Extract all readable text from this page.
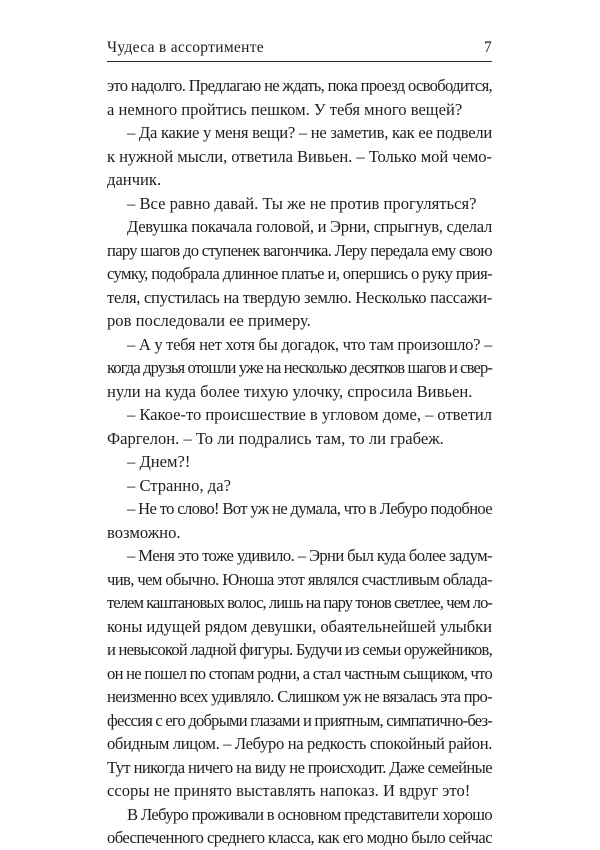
Чудеса в ассортименте	7
это надолго. Предлагаю не ждать, пока проезд освободится,
а немного пройтись пешком. У тебя много вещей?
– Да какие у меня вещи? – не заметив, как ее подвели
к нужной мысли, ответила Вивьен. – Только мой чемо-
данчик.
– Все равно давай. Ты же не против прогуляться?
Девушка покачала головой, и Эрни, спрыгнув, сделал
пару шагов до ступенек вагончика. Леру передала ему свою
сумку, подобрала длинное платье и, опершись о руку прия-
теля, спустилась на твердую землю. Несколько пассажи-
ров последовали ее примеру.
– А у тебя нет хотя бы догадок, что там произошло? –
когда друзья отошли уже на несколько десятков шагов и свер-
нули на куда более тихую улочку, спросила Вивьен.
– Какое-то происшествие в угловом доме, – ответил
Фаргелон. – То ли подрались там, то ли грабеж.
– Днем?!
– Странно, да?
– Не то слово! Вот уж не думала, что в Лебуро подобное
возможно.
– Меня это тоже удивило. – Эрни был куда более задум-
чив, чем обычно. Юноша этот являлся счастливым облада-
телем каштановых волос, лишь на пару тонов светлее, чем ло-
коны идущей рядом девушки, обаятельнейшей улыбки
и невысокой ладной фигуры. Будучи из семьи оружейников,
он не пошел по стопам родни, а стал частным сыщиком, что
неизменно всех удивляло. Слишком уж не вязалась эта про-
фессия с его добрыми глазами и приятным, симпатично-без-
обидным лицом. – Лебуро на редкость спокойный район.
Тут никогда ничего на виду не происходит. Даже семейные
ссоры не принято выставлять напоказ. И вдруг это!
В Лебуро проживали в основном представители хорошо
обеспеченного среднего класса, как его модно было сейчас
